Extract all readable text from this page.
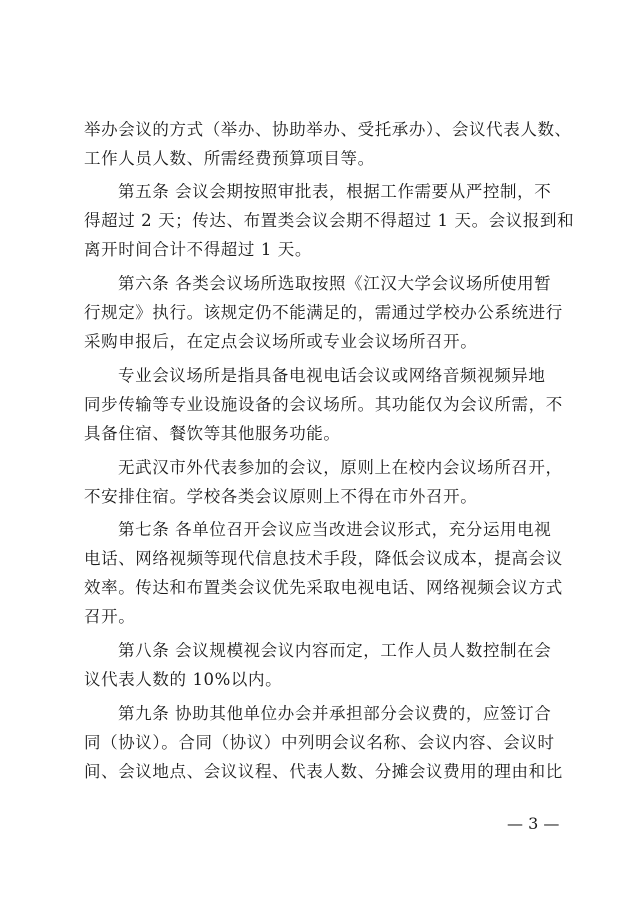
举办会议的方式（举办、协助举办、受托承办）、会议代表人数、
工作人员人数、所需经费预算项目等。
第五条 会议会期按照审批表，根据工作需要从严控制，不
得超过 2 天；传达、布置类会议会期不得超过 1 天。会议报到和
离开时间合计不得超过 1 天。
第六条 各类会议场所选取按照《江汉大学会议场所使用暂
行规定》执行。该规定仍不能满足的，需通过学校办公系统进行
采购申报后，在定点会议场所或专业会议场所召开。
专业会议场所是指具备电视电话会议或网络音频视频异地
同步传输等专业设施设备的会议场所。其功能仅为会议所需，不
具备住宿、餐饮等其他服务功能。
无武汉市外代表参加的会议，原则上在校内会议场所召开，
不安排住宿。学校各类会议原则上不得在市外召开。
第七条 各单位召开会议应当改进会议形式，充分运用电视
电话、网络视频等现代信息技术手段，降低会议成本，提高会议
效率。传达和布置类会议优先采取电视电话、网络视频会议方式
召开。
第八条 会议规模视会议内容而定，工作人员人数控制在会
议代表人数的 10%以内。
第九条 协助其他单位办会并承担部分会议费的，应签订合
同（协议）。合同（协议）中列明会议名称、会议内容、会议时
间、会议地点、会议议程、代表人数、分摊会议费用的理由和比
— 3 —
